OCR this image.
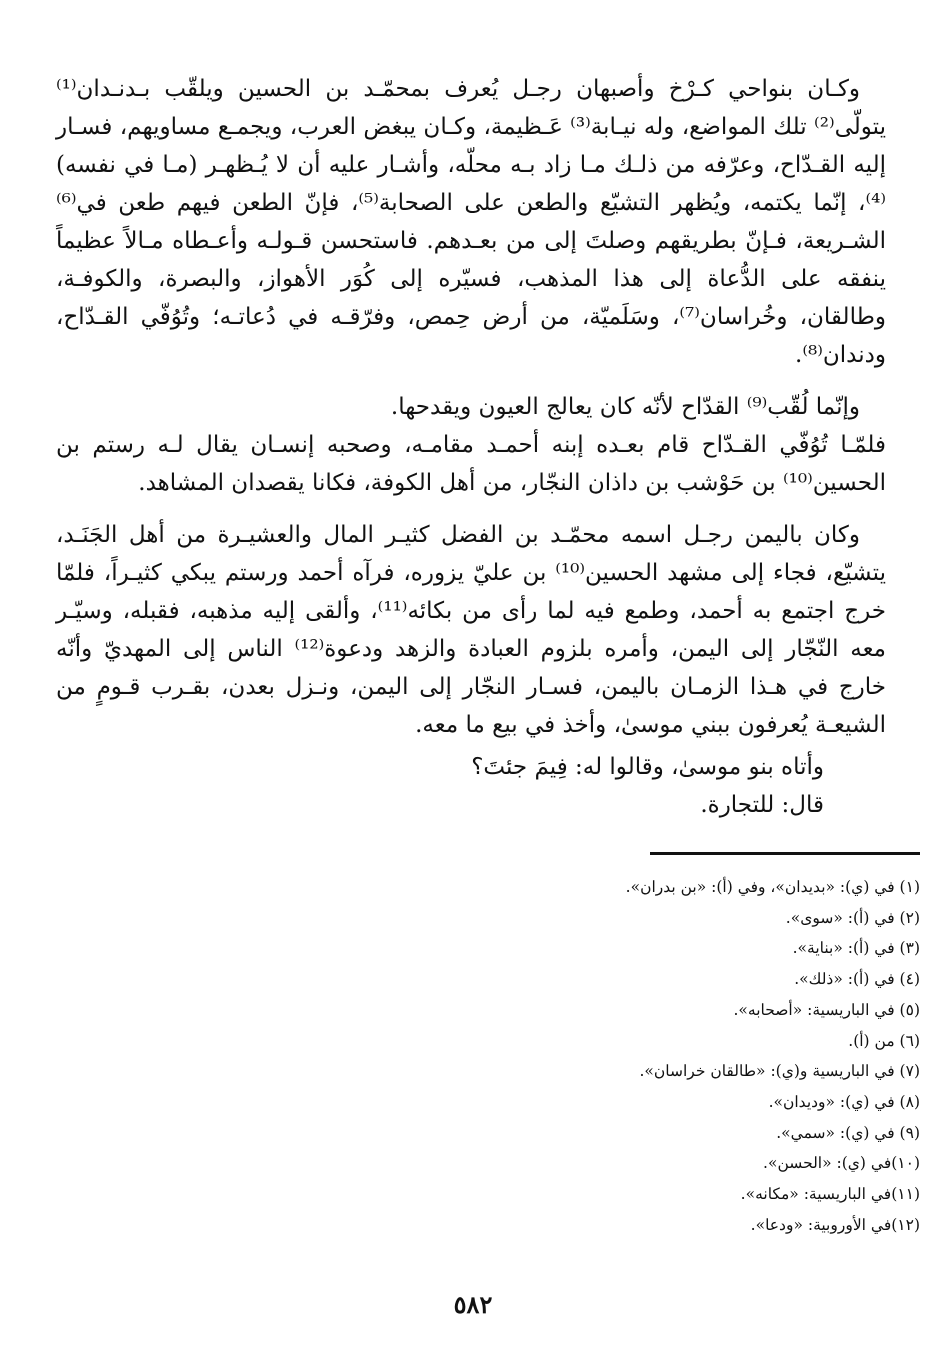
وكـان بنواحي كـرْخ وأصبهان رجـل يُعرف بمحمّـد بن الحسين ويلقّب بـدنـدان⁽¹⁾ يتولّى⁽²⁾ تلك المواضع، وله نيـابة⁽³⁾ عَـظيمة، وكـان يبغض العرب، ويجمـع مساويهم، فسـار إليه القـدّاح، وعرّفه من ذلـك مـا زاد بـه محلّه، وأشـار عليه أن لا يُـظهـر (مـا في نفسه)⁽⁴⁾، إنّما يكتمه، ويُظهر التشيّع والطعن على الصحابة⁽⁵⁾، فإنّ الطعن فيهم طعن في⁽⁶⁾ الشـريعة، فـإنّ بطريقهم وصلتَ إلى من بعـدهم. فاستحسن قـولـه وأعـطاه مـالاً عظيماً ينفقه على الدُّعاة إلى هذا المذهب، فسيّره إلى كُوَر الأهواز، والبصرة، والكوفـة، وطالقان، وخُراسان⁽⁷⁾، وسَلَميّة، من أرض حِمص، وفرّقـه في دُعاتـه؛ وتُوُفّي القـدّاح، ودندان⁽⁸⁾.

وإنّما لُقّب⁽⁹⁾ القدّاح لأنّه كان يعالج العيون ويقدحها.

فلمّـا تُوُفّي القـدّاح قام بعـده إبنه أحمـد مقامـه، وصحبه إنسـان يقال لـه رستم بن الحسين⁽¹⁰⁾ بن حَوْشب بن داذان النجّار، من أهل الكوفة، فكانا يقصدان المشاهد.

وكان باليمن رجـل اسمه محمّـد بن الفضل كثيـر المال والعشيـرة من أهل الجَنَـد، يتشيّع، فجاء إلى مشهد الحسين⁽¹⁰⁾ بن عليّ يزوره، فرآه أحمد ورستم يبكي كثيـراً، فلمّا خرج اجتمع به أحمد، وطمع فيه لما رأى من بكائه⁽¹¹⁾، وألقى إليه مذهبه، فقبله، وسيّـر معه النّجّار إلى اليمن، وأمره بلزوم العبادة والزهد ودعوة⁽¹²⁾ الناس إلى المهديّ وأنّه خارج في هـذا الزمـان باليمن، فسـار النجّار إلى اليمن، ونـزل بعدن، بقـرب قـومٍ من الشيعـة يُعرفون ببني موسىٰ، وأخذ في بيع ما معه.

وأتاه بنو موسىٰ، وقالوا له: فِيمَ جئتَ؟

قال: للتجارة.

(١) في (ي): «بديدان»، وفي (أ): «بن بدران».
(٢) في (أ): «سوى».
(٣) في (أ): «بناية».
(٤) في (أ): «ذلك».
(٥) في الباريسية: «أصحابه».
(٦) من (أ).
(٧) في الباريسية و(ي): «طالقان خراسان».
(٨) في (ي): «وديدان».
(٩) في (ي): «سمي».
(١٠)في (ي): «الحسن».
(١١)في الباريسية: «مكانه».
(١٢)في الأوروبية: «ودعا».
٥٨٢
